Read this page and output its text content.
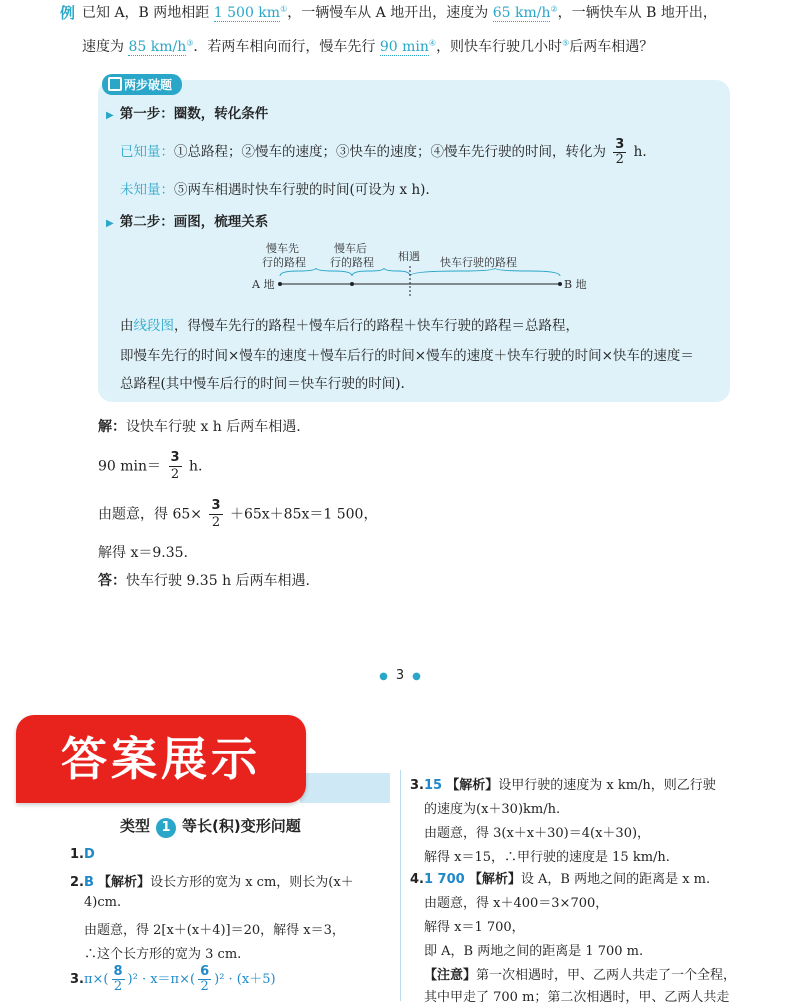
例 已知 A，B 两地相距 1 500 km①，一辆慢车从 A 地开出，速度为 65 km/h②，一辆快车从 B 地开出，
速度为 85 km/h③．若两车相向而行，慢车先行 90 min④，则快车行驶几小时⑤后两车相遇？
两步破题
▶ 第一步：圈数，转化条件
已知量：①总路程；②慢车的速度；③快车的速度；④慢车先行驶的时间，转化为 $\frac{3}{2} h$.
未知量：⑤两车相遇时快车行驶的时间(可设为 x h).
▶ 第二步：画图，梳理关系
由线段图，得慢车先行的路程＋慢车后行的路程＋快车行驶的路程＝总路程，
即慢车先行的时间×慢车的速度＋慢车后行的时间×慢车的速度＋快车行驶的时间×快车的速度＝
总路程(其中慢车后行的时间＝快车行驶的时间).
慢车先
行的路程
慢车后
行的路程 相遇 快车行驶的路程
A 地	B 地
解：设快车行驶 x h 后两车相遇.
90 $\min= \frac{3}{2} h$.
由题意，得 $65\times \frac{3}{2} +65x+85x=1$ 500，
解得 x＝9.35.
答：快车行驶 9.35 h 后两车相遇.
● 3 ●
答案展示
类型 1 等长(积)变形问题
1.D
2.B 【解析】设长方形的宽为 x cm，则长为(x＋
4)cm.
由题意，得 2[x＋(x＋4)]＝20，解得 x＝3，
∴这个长方形的宽为 3 cm.
$3.\pi\times( \frac{8}{2} )^2 \cdot x=\pi\times( \frac{6}{2} )^2 \cdot (x+5)$
3.15 【解析】设甲行驶的速度为 x km/h，则乙行驶
的速度为(x＋30)km/h.
由题意，得 3(x＋x＋30)＝4(x＋30)，
解得 x＝15，∴甲行驶的速度是 15 km/h.
4.1 700 【解析】设 A，B 两地之间的距离是 x m.
由题意，得 x＋400＝3×700，
解得 x＝1 700，
即 A，B 两地之间的距离是 1 700 m.
【注意】第一次相遇时，甲、乙两人共走了一个全程，
其中甲走了 700 m；第二次相遇时，甲、乙两人共走
